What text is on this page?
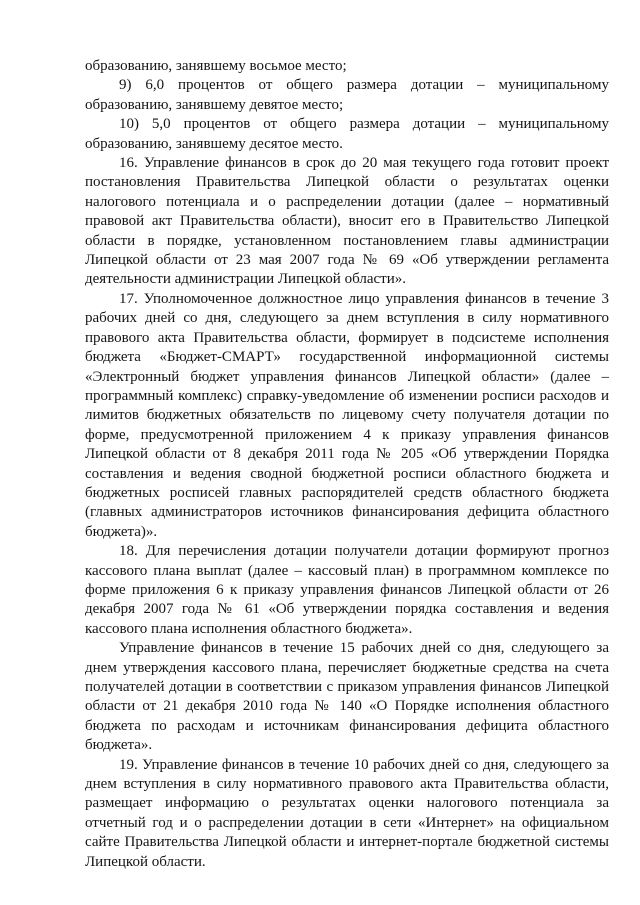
образованию, занявшему восьмое место;

9) 6,0 процентов от общего размера дотации – муниципальному образованию, занявшему девятое место;

10) 5,0 процентов от общего размера дотации – муниципальному образованию, занявшему десятое место.

16. Управление финансов в срок до 20 мая текущего года готовит проект постановления Правительства Липецкой области о результатах оценки налогового потенциала и о распределении дотации (далее – нормативный правовой акт Правительства области), вносит его в Правительство Липецкой области в порядке, установленном постановлением главы администрации Липецкой области от 23 мая 2007 года № 69 «Об утверждении регламента деятельности администрации Липецкой области».

17. Уполномоченное должностное лицо управления финансов в течение 3 рабочих дней со дня, следующего за днем вступления в силу нормативного правового акта Правительства области, формирует в подсистеме исполнения бюджета «Бюджет-СМАРТ» государственной информационной системы «Электронный бюджет управления финансов Липецкой области» (далее – программный комплекс) справку-уведомление об изменении росписи расходов и лимитов бюджетных обязательств по лицевому счету получателя дотации по форме, предусмотренной приложением 4 к приказу управления финансов Липецкой области от 8 декабря 2011 года № 205 «Об утверждении Порядка составления и ведения сводной бюджетной росписи областного бюджета и бюджетных росписей главных распорядителей средств областного бюджета (главных администраторов источников финансирования дефицита областного бюджета)».

18. Для перечисления дотации получатели дотации формируют прогноз кассового плана выплат (далее – кассовый план) в программном комплексе по форме приложения 6 к приказу управления финансов Липецкой области от 26 декабря 2007 года № 61 «Об утверждении порядка составления и ведения кассового плана исполнения областного бюджета».

Управление финансов в течение 15 рабочих дней со дня, следующего за днем утверждения кассового плана, перечисляет бюджетные средства на счета получателей дотации в соответствии с приказом управления финансов Липецкой области от 21 декабря 2010 года № 140 «О Порядке исполнения областного бюджета по расходам и источникам финансирования дефицита областного бюджета».

19. Управление финансов в течение 10 рабочих дней со дня, следующего за днем вступления в силу нормативного правового акта Правительства области, размещает информацию о результатах оценки налогового потенциала за отчетный год и о распределении дотации в сети «Интернет» на официальном сайте Правительства Липецкой области и интернет-портале бюджетной системы Липецкой области.
